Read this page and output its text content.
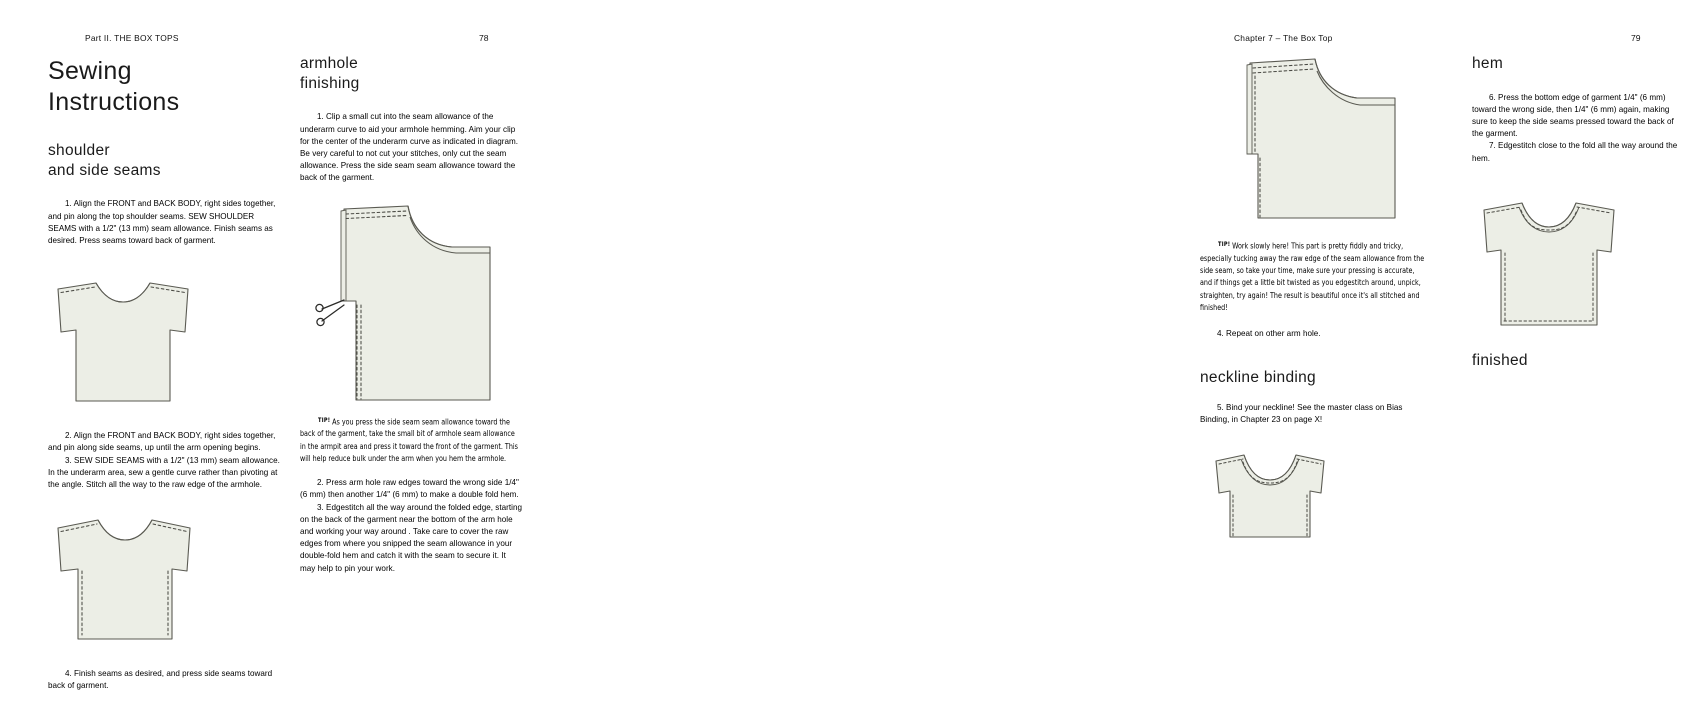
Part II. THE BOX TOPS	78
Sewing
Instructions
shoulder
and side seams

1. Align the FRONT and BACK BODY, right sides together, and pin along the top shoulder seams. SEW SHOULDER SEAMS with a 1/2" (13 mm) seam allowance. Finish seams as desired. Press seams toward back of garment.

2. Align the FRONT and BACK BODY, right sides together, and pin along side seams, up until the arm opening begins.

3. SEW SIDE SEAMS with a 1/2" (13 mm) seam allowance. In the underarm area, sew a gentle curve rather than pivoting at the angle. Stitch all the way to the raw edge of the armhole.

4. Finish seams as desired, and press side seams toward back of garment.

armhole
finishing

1. Clip a small cut into the seam allowance of the underarm curve to aid your armhole hemming. Aim your clip for the center of the underarm curve as indicated in diagram. Be very careful to not cut your stitches, only cut the seam allowance. Press the side seam seam allowance toward the back of the garment.

$^{TIP!}$ As you press the side seam seam allowance toward the back of the garment, take the small bit of armhole seam allowance in the armpit area and press it toward the front of the garment. This will help reduce bulk under the arm when you hem the armhole.

2. Press arm hole raw edges toward the wrong side 1/4" (6 mm) then another 1/4" (6 mm) to make a double fold hem.

3. Edgestitch all the way around the folded edge, starting on the back of the garment near the bottom of the arm hole and working your way around . Take care to cover the raw edges from where you snipped the seam allowance in your double-fold hem and catch it with the seam to secure it. It may help to pin your work.

Chapter 7 – The Box Top	79

$^{TIP!}$ Work slowly here! This part is pretty fiddly and tricky, especially tucking away the raw edge of the seam allowance from the side seam, so take your time, make sure your pressing is accurate, and if things get a little bit twisted as you edgestitch around, unpick, straighten, try again! The result is beautiful once it's all stitched and finished!

4. Repeat on other arm hole.

neckline binding

5. Bind your neckline! See the master class on Bias Binding, in Chapter 23 on page X!

hem

6. Press the bottom edge of garment 1/4" (6 mm) toward the wrong side, then 1/4" (6 mm) again, making sure to keep the side seams pressed toward the back of the garment.

7. Edgestitch close to the fold all the way around the hem.

finished
